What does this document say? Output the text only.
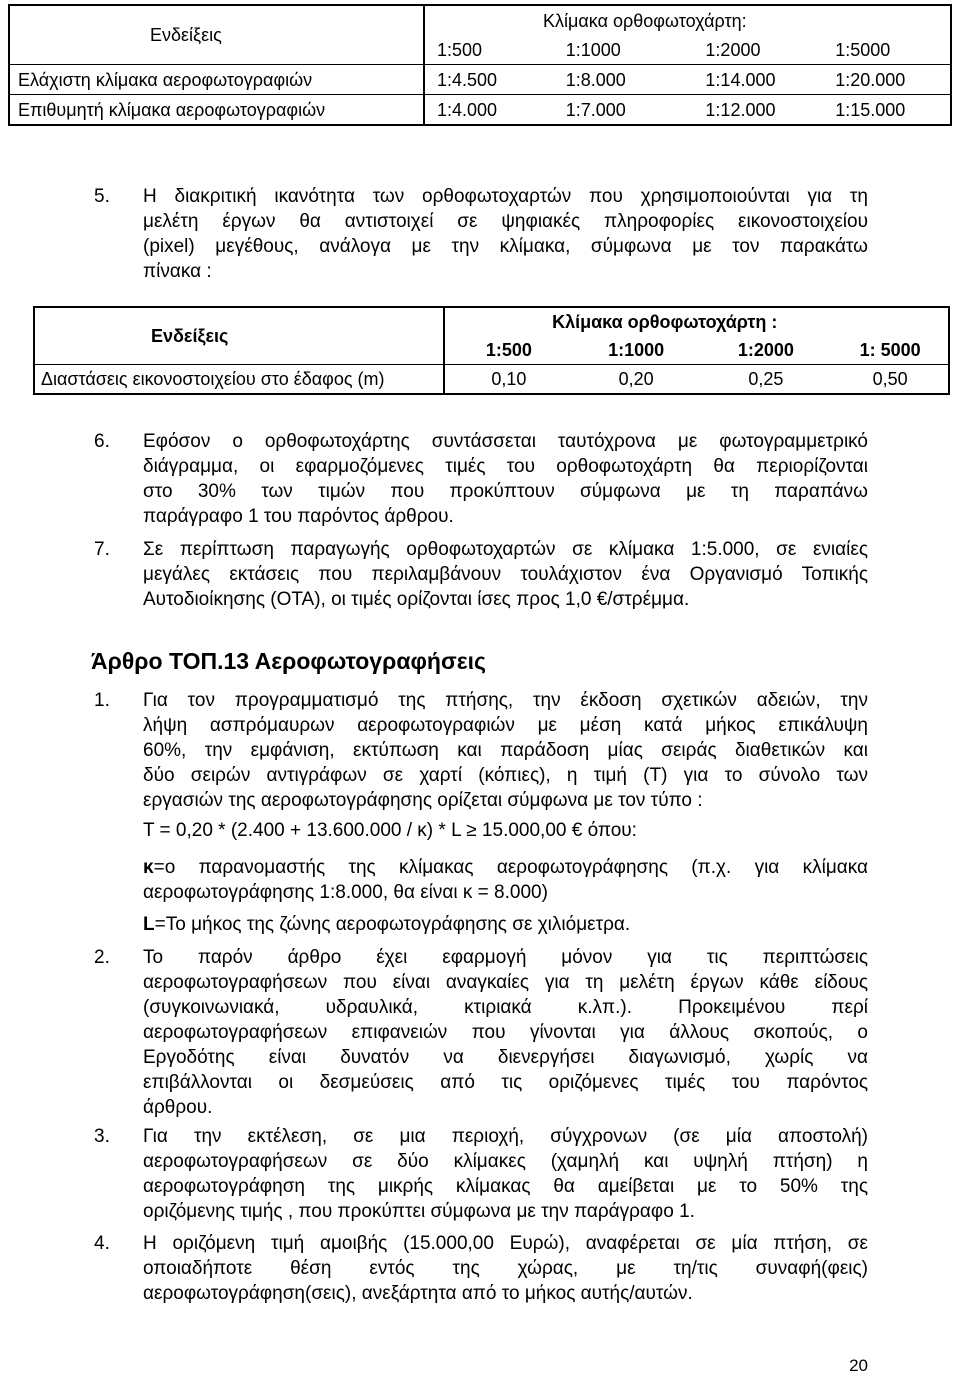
Ενδείξεις	Κλίμακα ορθοφωτοχάρτη:			
	1:500	1:1000	1:2000	1:5000
Ελάχιστη κλίμακα αεροφωτογραφιών	1:4.500	1:8.000	1:14.000	1:20.000
Επιθυμητή κλίμακα αεροφωτογραφιών	1:4.000	1:7.000	1:12.000	1:15.000
5. Η διακριτική ικανότητα των ορθοφωτοχαρτών που χρησιμοποιούνται για τη
μελέτη έργων θα αντιστοιχεί σε ψηφιακές πληροφορίες εικονοστοιχείου
(pixel) μεγέθους, ανάλογα με την κλίμακα, σύμφωνα με τον παρακάτω
πίνακα :
Ενδείξεις	Κλίμακα ορθοφωτοχάρτη :			
	1:500	1:1000	1:2000	1: 5000
Διαστάσεις εικονοστοιχείου στο έδαφος (m)	0,10	0,20	0,25	0,50
6. Εφόσον ο ορθοφωτοχάρτης συντάσσεται ταυτόχρονα με φωτογραμμετρικό
διάγραμμα, οι εφαρμοζόμενες τιμές του ορθοφωτοχάρτη θα περιορίζονται
στο 30% των τιμών που προκύπτουν σύμφωνα με τη παραπάνω
παράγραφο 1 του παρόντος άρθρου.
7. Σε περίπτωση παραγωγής ορθοφωτοχαρτών σε κλίμακα 1:5.000, σε ενιαίες
μεγάλες εκτάσεις που περιλαμβάνουν τουλάχιστον ένα Οργανισμό Τοπικής
Αυτοδιοίκησης (ΟΤΑ), οι τιμές ορίζονται ίσες προς 1,0 €/στρέμμα.
Άρθρο ΤΟΠ.13 Αεροφωτογραφήσεις
1. Για τον προγραμματισμό της πτήσης, την έκδοση σχετικών αδειών, την
λήψη ασπρόμαυρων αεροφωτογραφιών με μέση κατά μήκος επικάλυψη
60%, την εμφάνιση, εκτύπωση και παράδοση μίας σειράς διαθετικών και
δύο σειρών αντιγράφων σε χαρτί (κόπιες), η τιμή (Τ) για το σύνολο των
εργασιών της αεροφωτογράφησης ορίζεται σύμφωνα με τον τύπο :
T = 0,20 * (2.400 + 13.600.000 / κ) * L ≥ 15.000,00 € όπου:
κ=ο παρανομαστής της κλίμακας αεροφωτογράφησης (π.χ. για κλίμακα
αεροφωτογράφησης 1:8.000, θα είναι κ = 8.000)
L=Το μήκος της ζώνης αεροφωτογράφησης σε χιλιόμετρα.
2. Το παρόν άρθρο έχει εφαρμογή μόνον για τις περιπτώσεις
αεροφωτογραφήσεων που είναι αναγκαίες για τη μελέτη έργων κάθε είδους
(συγκοινωνιακά, υδραυλικά, κτιριακά κ.λπ.). Προκειμένου περί
αεροφωτογραφήσεων επιφανειών που γίνονται για άλλους σκοπούς, ο
Εργοδότης είναι δυνατόν να διενεργήσει διαγωνισμό, χωρίς να
επιβάλλονται οι δεσμεύσεις από τις οριζόμενες τιμές του παρόντος
άρθρου.
3. Για την εκτέλεση, σε μια περιοχή, σύγχρονων (σε μία αποστολή)
αεροφωτογραφήσεων σε δύο κλίμακες (χαμηλή και υψηλή πτήση) η
αεροφωτογράφηση της μικρής κλίμακας θα αμείβεται με το 50% της
οριζόμενης τιμής , που προκύπτει σύμφωνα με την παράγραφο 1.
4. Η οριζόμενη τιμή αμοιβής (15.000,00 Ευρώ), αναφέρεται σε μία πτήση, σε
οποιαδήποτε θέση εντός της χώρας, με τη/τις συναφή(φεις)
αεροφωτογράφηση(σεις), ανεξάρτητα από το μήκος αυτής/αυτών.
20
